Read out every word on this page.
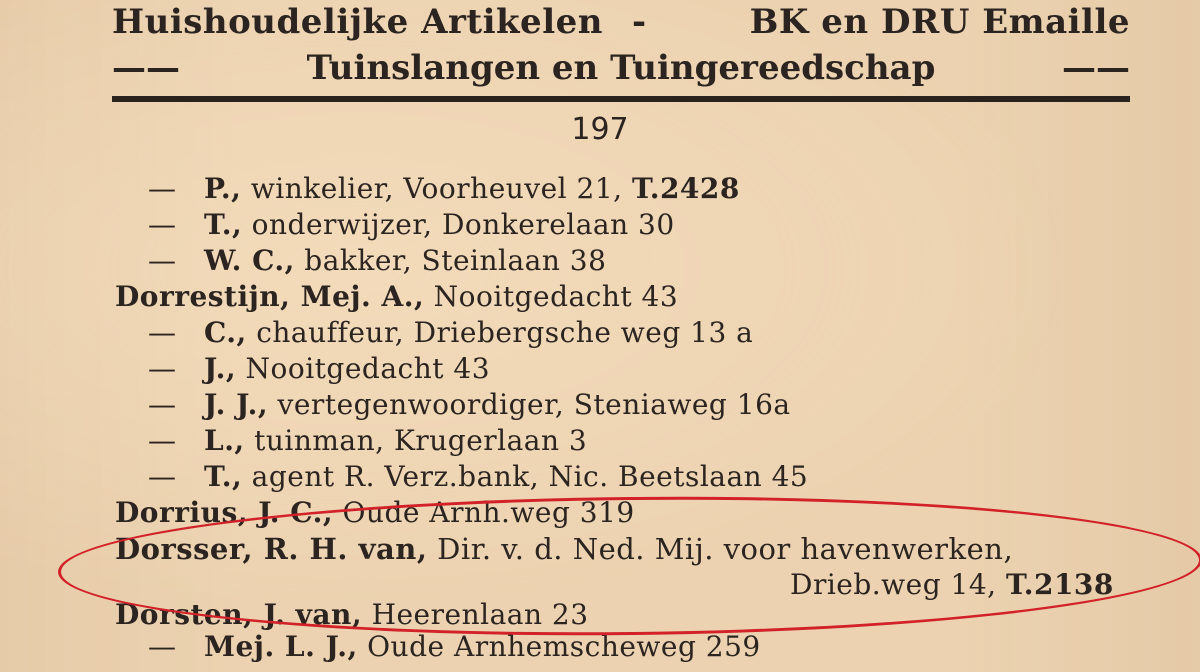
Huishoudelijke Artikelen -	BK en DRU Emaille
——	Tuinslangen en Tuingereedschap	——
197
— P., winkelier, Voorheuvel 21, T.2428
— T., onderwijzer, Donkerelaan 30
— W. C., bakker, Steinlaan 38
Dorrestijn, Mej. A., Nooitgedacht 43
— C., chauffeur, Driebergsche weg 13 a
— J., Nooitgedacht 43
— J. J., vertegenwoordiger, Steniaweg 16a
— L., tuinman, Krugerlaan 3
— T., agent R. Verz.bank, Nic. Beetslaan 45
Dorrius, J. C., Oude Arnh.weg 319
Dorsser, R. H. van, Dir. v. d. Ned. Mij. voor havenwerken,
Drieb.weg 14, T.2138
Dorsten, J. van, Heerenlaan 23
— Mej. L. J., Oude Arnhemscheweg 259
